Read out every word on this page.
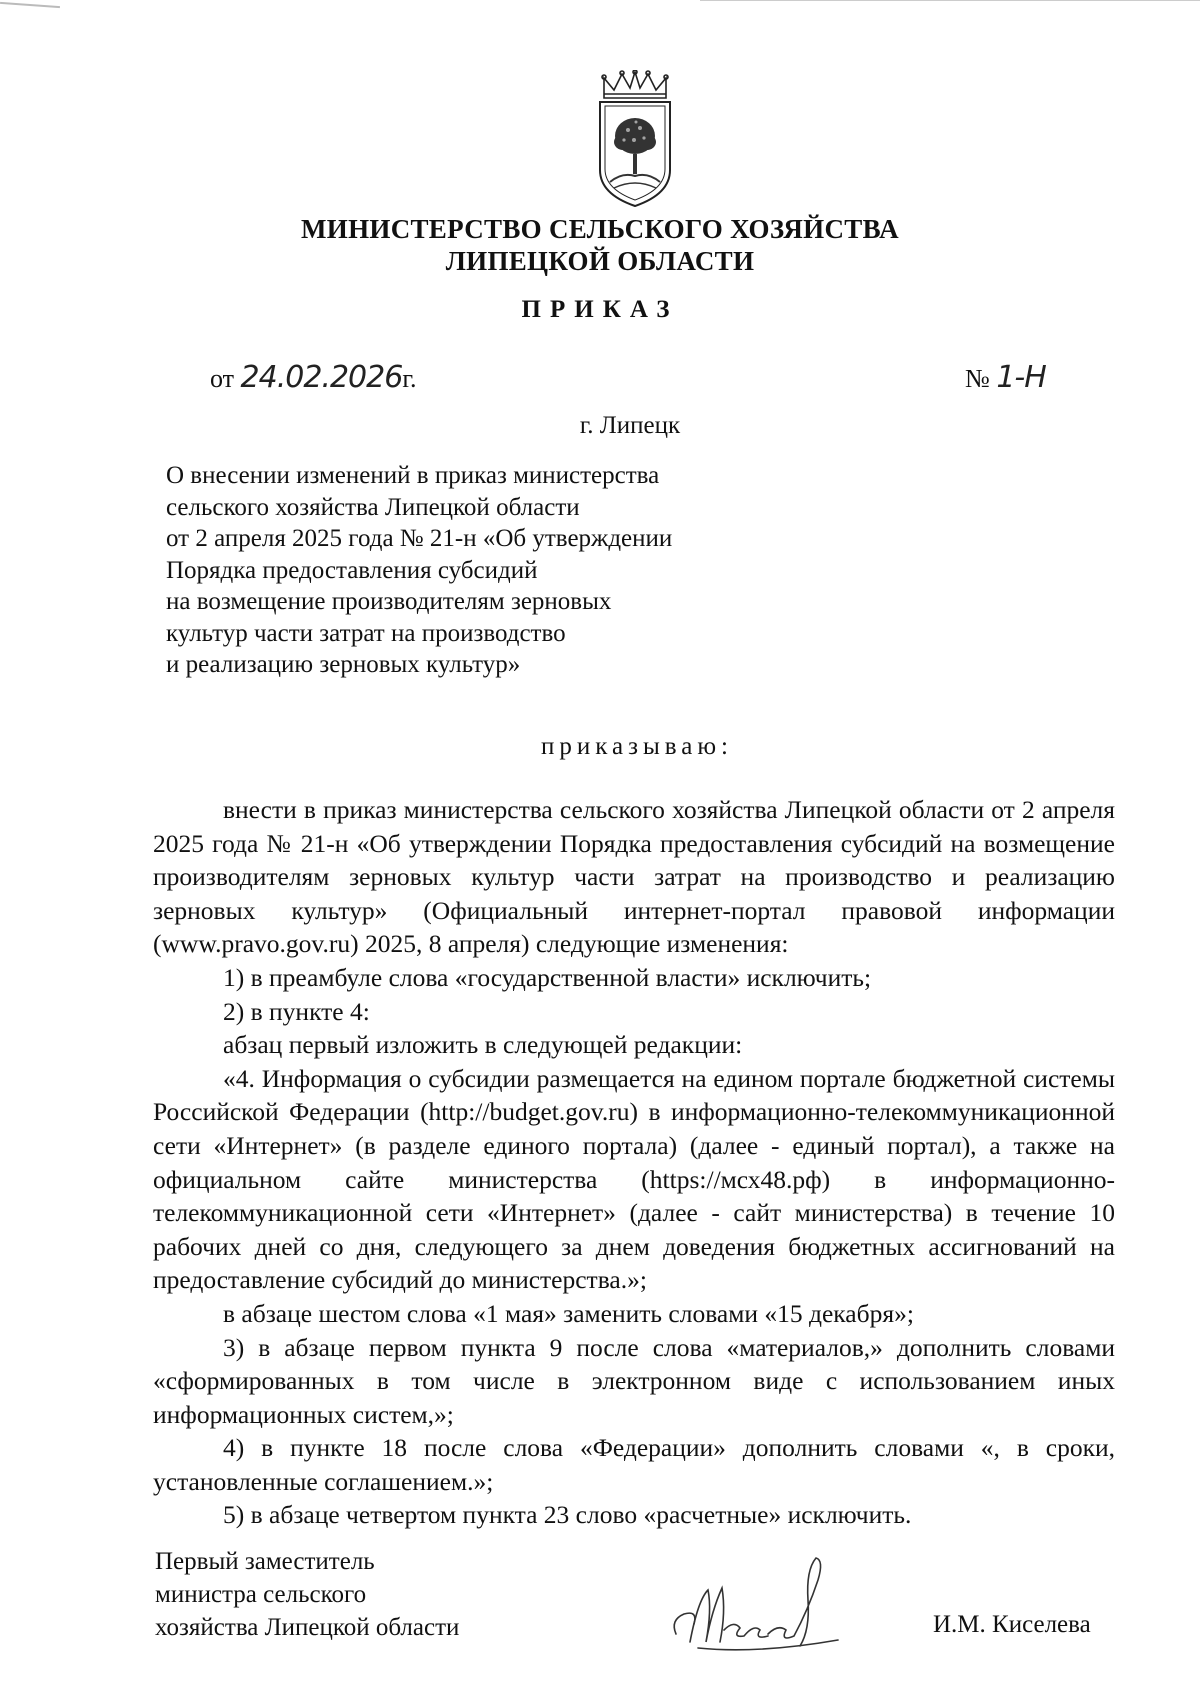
МИНИСТЕРСТВО СЕЛЬСКОГО ХОЗЯЙСТВА
ЛИПЕЦКОЙ ОБЛАСТИ
ПРИКАЗ
от 24.02.2026г.	№ 1-Н
г. Липецк
О внесении изменений в приказ министерства
сельского хозяйства Липецкой области
от 2 апреля 2025 года № 21-н «Об утверждении
Порядка предоставления субсидий
на возмещение производителям зерновых
культур части затрат на производство
и реализацию зерновых культур»
приказываю:

внести в приказ министерства сельского хозяйства Липецкой области от 2 апреля 2025 года № 21-н «Об утверждении Порядка предоставления субсидий на возмещение производителям зерновых культур части затрат на производство и реализацию зерновых культур» (Официальный интернет-портал правовой информации (www.pravo.gov.ru) 2025, 8 апреля) следующие изменения:

1) в преамбуле слова «государственной власти» исключить;

2) в пункте 4:

абзац первый изложить в следующей редакции:

«4. Информация о субсидии размещается на едином портале бюджетной системы Российской Федерации (http://budget.gov.ru) в информационно-телекоммуникационной сети «Интернет» (в разделе единого портала) (далее - единый портал), а также на официальном сайте министерства (https://мсх48.рф) в информационно-телекоммуникационной сети «Интернет» (далее - сайт министерства) в течение 10 рабочих дней со дня, следующего за днем доведения бюджетных ассигнований на предоставление субсидий до министерства.»;

в абзаце шестом слова «1 мая» заменить словами «15 декабря»;

3) в абзаце первом пункта 9 после слова «материалов,» дополнить словами «сформированных в том числе в электронном виде с использованием иных информационных систем,»;

4) в пункте 18 после слова «Федерации» дополнить словами «, в сроки, установленные соглашением.»;

5) в абзаце четвертом пункта 23 слово «расчетные» исключить.

Первый заместитель
министра сельского
хозяйства Липецкой области	И.М. Киселева
